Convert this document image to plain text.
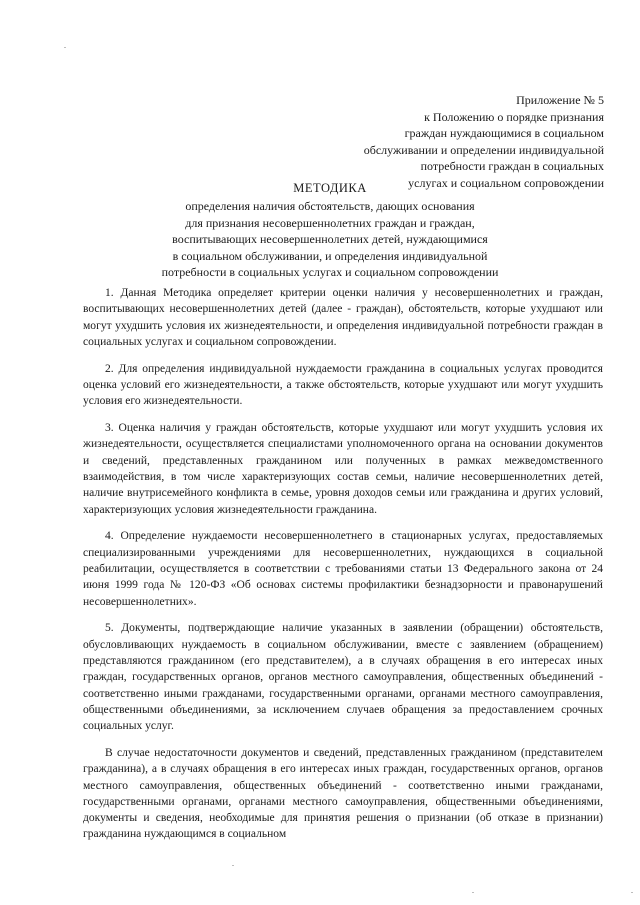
Приложение № 5
к Положению о порядке признания
граждан нуждающимися в социальном
обслуживании и определении индивидуальной
потребности граждан в социальных
услугах и социальном сопровождении
МЕТОДИКА
определения наличия обстоятельств, дающих основания
для признания несовершеннолетних граждан и граждан,
воспитывающих несовершеннолетних детей, нуждающимися
в социальном обслуживании, и определения индивидуальной
потребности в социальных услугах и социальном сопровождении

1. Данная Методика определяет критерии оценки наличия у несовершеннолетних и граждан, воспитывающих несовершеннолетних детей (далее - граждан), обстоятельств, которые ухудшают или могут ухудшить условия их жизнедеятельности, и определения индивидуальной потребности граждан в социальных услугах и социальном сопровождении.

2. Для определения индивидуальной нуждаемости гражданина в социальных услугах проводится оценка условий его жизнедеятельности, а также обстоятельств, которые ухудшают или могут ухудшить условия его жизнедеятельности.

3. Оценка наличия у граждан обстоятельств, которые ухудшают или могут ухудшить условия их жизнедеятельности, осуществляется специалистами уполномоченного органа на основании документов и сведений, представленных гражданином или полученных в рамках межведомственного взаимодействия, в том числе характеризующих состав семьи, наличие несовершеннолетних детей, наличие внутрисемейного конфликта в семье, уровня доходов семьи или гражданина и других условий, характеризующих условия жизнедеятельности гражданина.

4. Определение нуждаемости несовершеннолетнего в стационарных услугах, предоставляемых специализированными учреждениями для несовершеннолетних, нуждающихся в социальной реабилитации, осуществляется в соответствии с требованиями статьи 13 Федерального закона от 24 июня 1999 года № 120-ФЗ «Об основах системы профилактики безнадзорности и правонарушений несовершеннолетних».

5. Документы, подтверждающие наличие указанных в заявлении (обращении) обстоятельств, обусловливающих нуждаемость в социальном обслуживании, вместе с заявлением (обращением) представляются гражданином (его представителем), а в случаях обращения в его интересах иных граждан, государственных органов, органов местного самоуправления, общественных объединений - соответственно иными гражданами, государственными органами, органами местного самоуправления, общественными объединениями, за исключением случаев обращения за предоставлением срочных социальных услуг.

В случае недостаточности документов и сведений, представленных гражданином (представителем гражданина), а в случаях обращения в его интересах иных граждан, государственных органов, органов местного самоуправления, общественных объединений - соответственно иными гражданами, государственными органами, органами местного самоуправления, общественными объединениями, документы и сведения, необходимые для принятия решения о признании (об отказе в признании) гражданина нуждающимся в социальном
